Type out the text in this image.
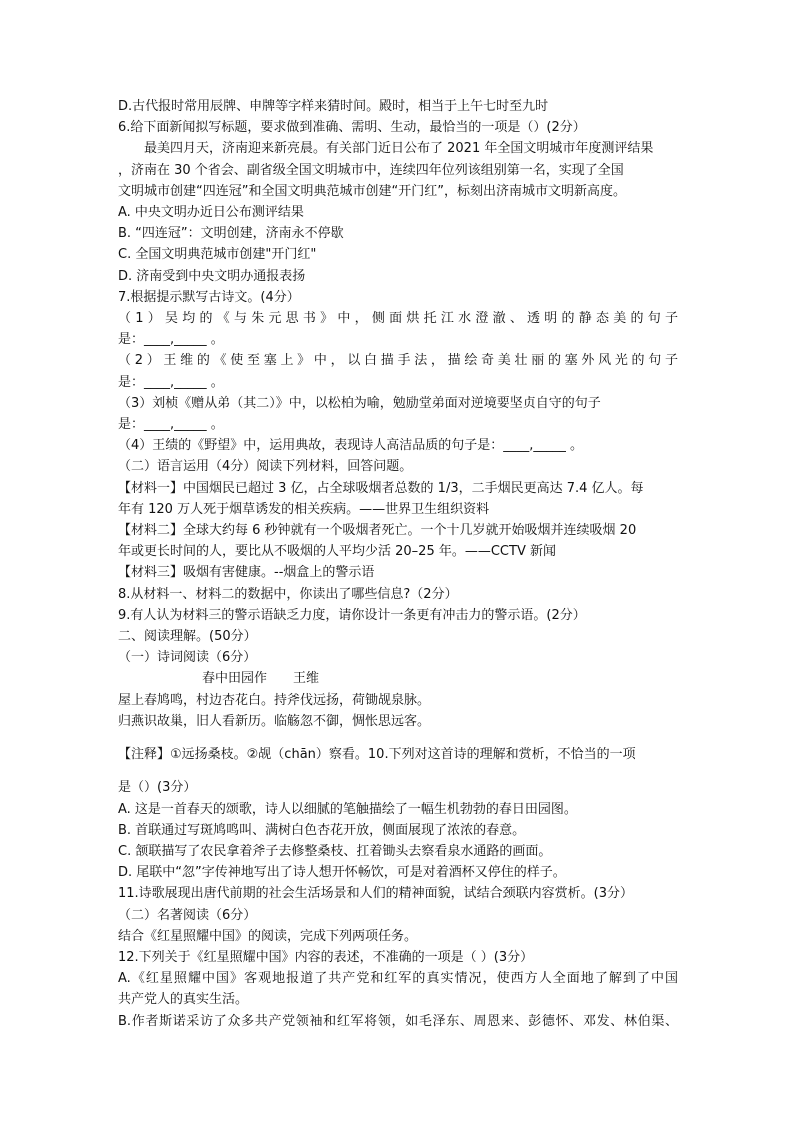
D.古代报时常用辰牌、申牌等字样来猜时间。殿时，相当于上午七时至九时
6.给下面新闻拟写标题，要求做到准确、需明、生动，最恰当的一项是（）(2分）
最美四月天，济南迎来新亮晨。有关部门近日公布了 2021 年全国文明城市年度测评结果
，济南在 30 个省会、副省级全国文明城市中，连续四年位列该组别第一名，实现了全国
文明城市创建“四连冠”和全国文明典范城市创建“开门红”，标刻出济南城市文明新高度。
A. 中央文明办近日公布测评结果
B. “四连冠”：文明创建，济南永不停歇
C. 全国文明典范城市创建"开门红"
D. 济南受到中央文明办通报表扬
7.根据提示默写古诗文。(4分）
（1）吴均的《与朱元思书》中，侧面烘托江水澄澈、透明的静态美的句子
是：____,_____ 。
（2）王维的《使至塞上》中，以白描手法，描绘奇美壮丽的塞外风光的句子
是：____,_____ 。
（3）刘桢《赠从弟（其二）》中，以松柏为喻，勉励堂弟面对逆境要坚贞自守的句子
是：____,_____ 。
（4）王绩的《野望》中，运用典故，表现诗人高洁品质的句子是：____,_____ 。
（二）语言运用（4分）阅读下列材料，回答问题。
【材料一】中国烟民已超过 3 亿，占全球吸烟者总数的 1/3，二手烟民更高达 7.4 亿人。每
年有 120 万人死于烟草诱发的相关疾病。——世界卫生组织资料
【材料二】全球大约每 6 秒钟就有一个吸烟者死亡。一个十几岁就开始吸烟并连续吸烟 20
年或更长时间的人，要比从不吸烟的人平均少活 20–25 年。——CCTV 新闻
【材料三】吸烟有害健康。--烟盒上的警示语
8.从材料一、材料二的数据中，你读出了哪些信息?（2分）
9.有人认为材料三的警示语缺乏力度，请你设计一条更有冲击力的警示语。(2分）
二、阅读理解。(50分）
（一）诗词阅读（6分）
春中田园作 王维
屋上春鸠鸣，村边杏花白。持斧伐远扬，荷锄觇泉脉。
归燕识故巢，旧人看新历。临觞忽不御，惆怅思远客。
【注释】①远扬桑枝。②觇（chān）察看。10.下列对这首诗的理解和赏析，不恰当的一项
是（）(3分）
A. 这是一首春天的颂歌，诗人以细腻的笔触描绘了一幅生机勃勃的春日田园图。
B. 首联通过写斑鸠鸣叫、满树白色杏花开放，侧面展现了浓浓的春意。
C. 颔联描写了农民拿着斧子去修整桑枝、扛着锄头去察看泉水通路的画面。
D. 尾联中“忽”字传神地写出了诗人想开怀畅饮，可是对着酒杯又停住的样子。
11.诗歌展现出唐代前期的社会生活场景和人们的精神面貌，试结合颈联内容赏析。(3分）
（二）名著阅读（6分）
结合《红星照耀中国》的阅读，完成下列两项任务。
12.下列关于《红星照耀中国》内容的表述，不准确的一项是（ ）(3分）
A.《红星照耀中国》客观地报道了共产党和红军的真实情况，使西方人全面地了解到了中国
共产党人的真实生活。
B.作者斯诺采访了众多共产党领袖和红军将领，如毛泽东、周恩来、彭德怀、邓发、林伯渠、
